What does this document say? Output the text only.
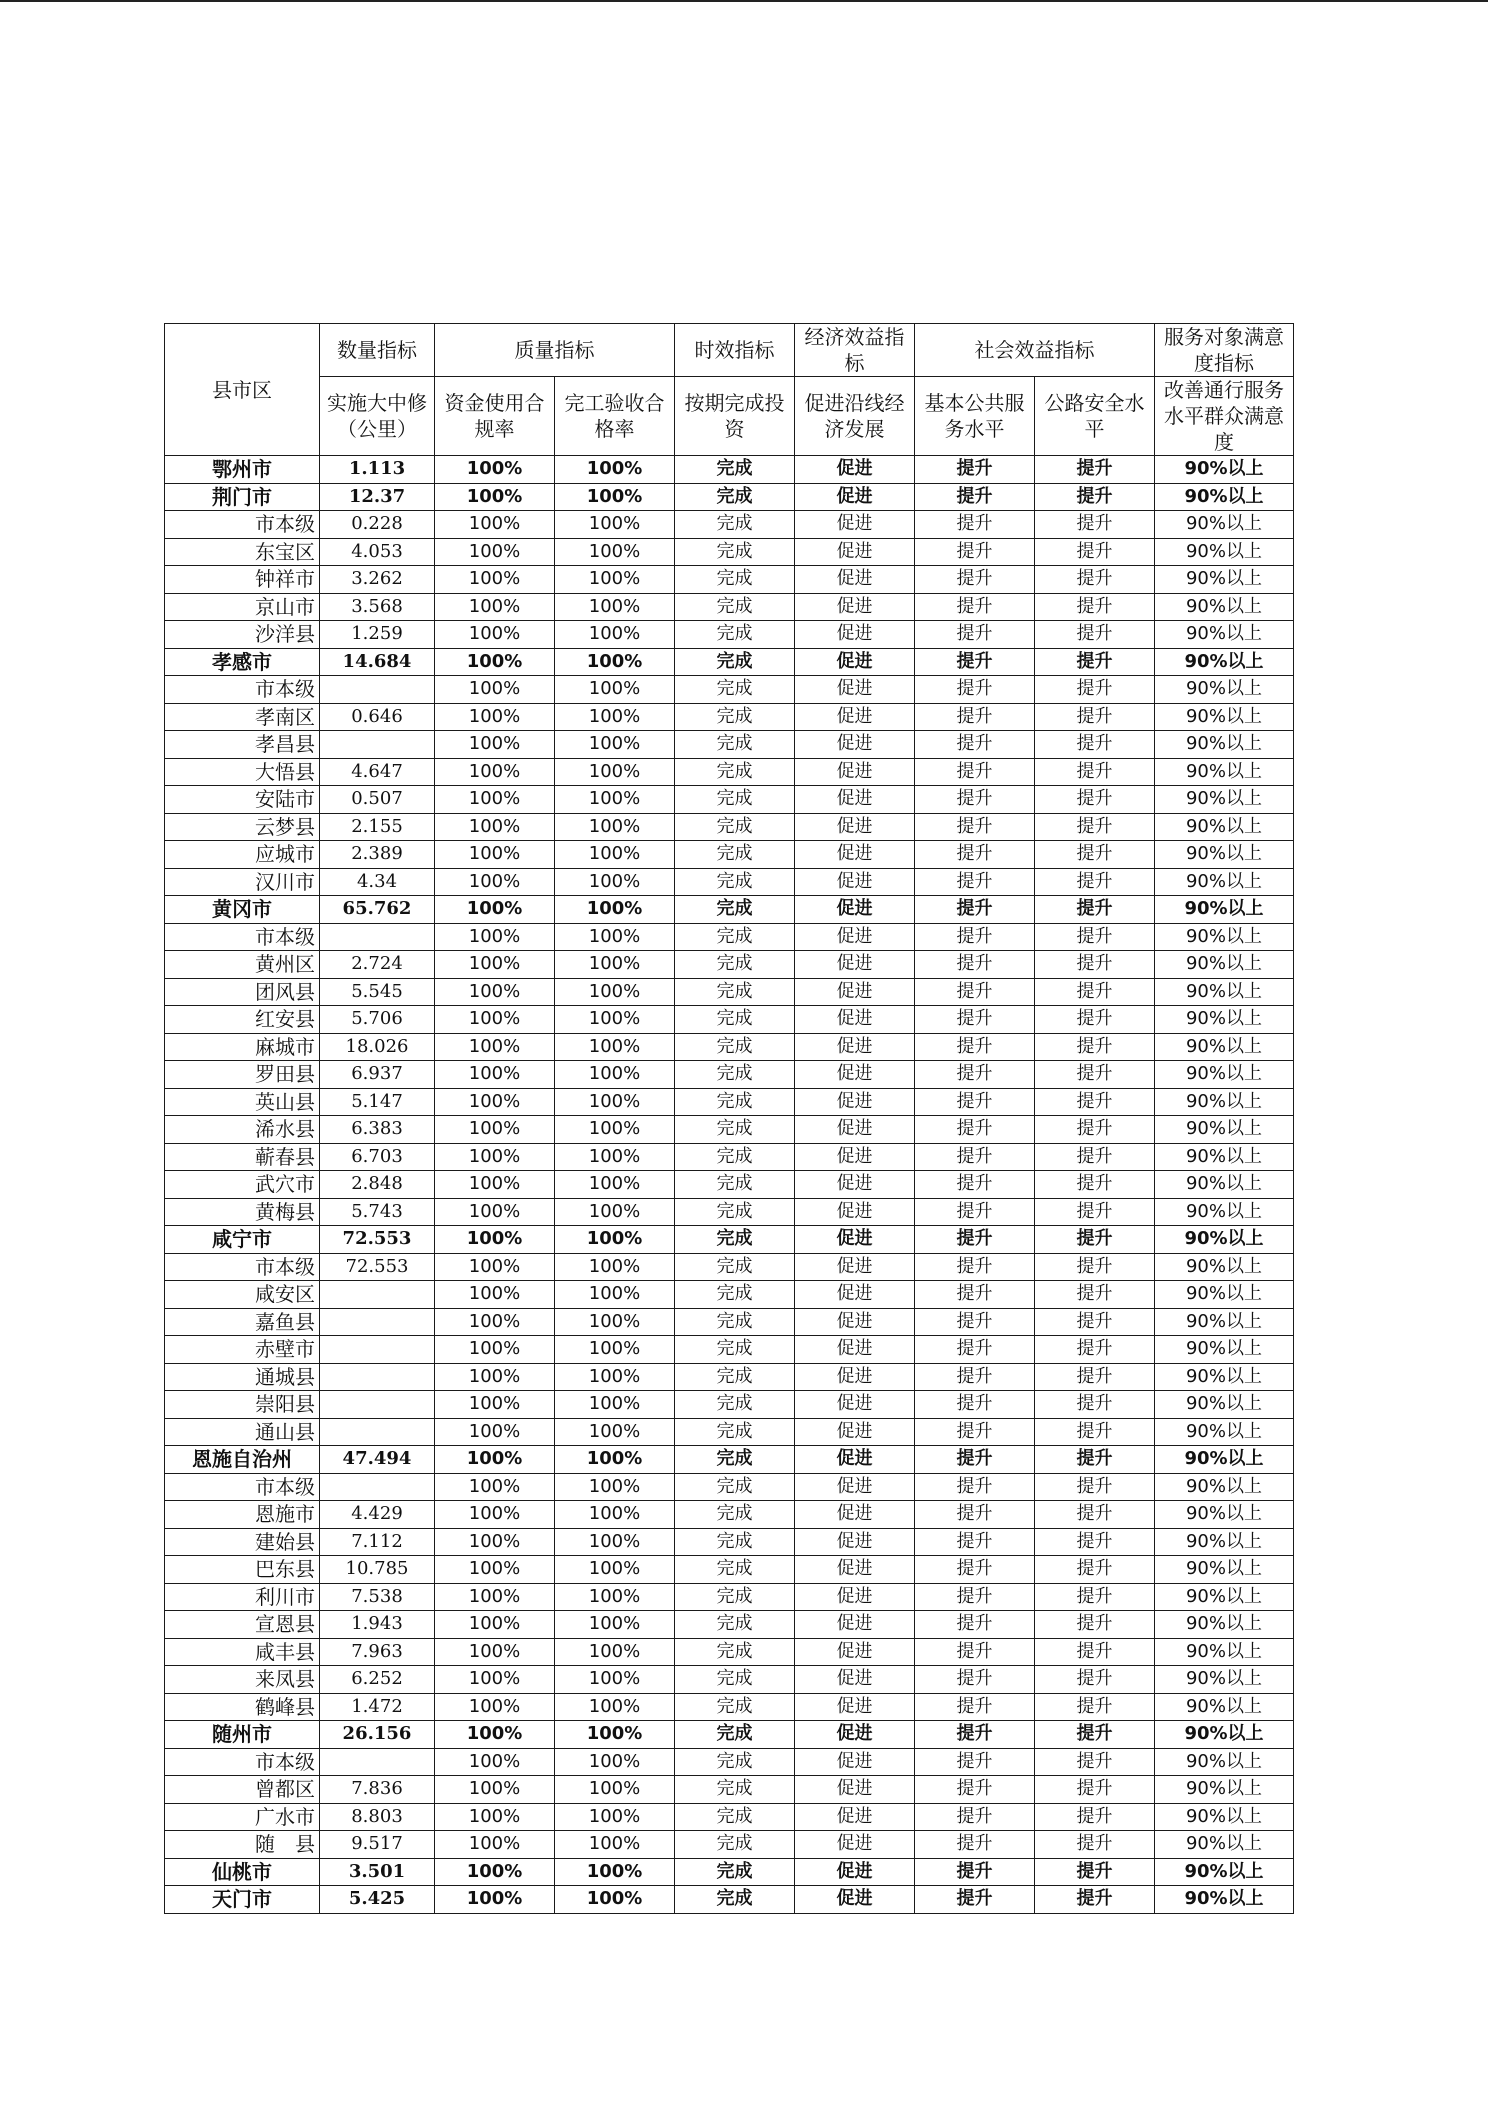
县市区	数量指标	质量指标		时效指标	经济效益指标	社会效益指标		服务对象满意度指标
	实施大中修（公里）	资金使用合规率	完工验收合格率	按期完成投资	促进沿线经济发展	基本公共服务水平	公路安全水平	改善通行服务水平群众满意度
鄂州市	1.113	100%	100%	完成	促进	提升	提升	90%以上
荆门市	12.37	100%	100%	完成	促进	提升	提升	90%以上
市本级	0.228	100%	100%	完成	促进	提升	提升	90%以上
东宝区	4.053	100%	100%	完成	促进	提升	提升	90%以上
钟祥市	3.262	100%	100%	完成	促进	提升	提升	90%以上
京山市	3.568	100%	100%	完成	促进	提升	提升	90%以上
沙洋县	1.259	100%	100%	完成	促进	提升	提升	90%以上
孝感市	14.684	100%	100%	完成	促进	提升	提升	90%以上
市本级		100%	100%	完成	促进	提升	提升	90%以上
孝南区	0.646	100%	100%	完成	促进	提升	提升	90%以上
孝昌县		100%	100%	完成	促进	提升	提升	90%以上
大悟县	4.647	100%	100%	完成	促进	提升	提升	90%以上
安陆市	0.507	100%	100%	完成	促进	提升	提升	90%以上
云梦县	2.155	100%	100%	完成	促进	提升	提升	90%以上
应城市	2.389	100%	100%	完成	促进	提升	提升	90%以上
汉川市	4.34	100%	100%	完成	促进	提升	提升	90%以上
黄冈市	65.762	100%	100%	完成	促进	提升	提升	90%以上
市本级		100%	100%	完成	促进	提升	提升	90%以上
黄州区	2.724	100%	100%	完成	促进	提升	提升	90%以上
团风县	5.545	100%	100%	完成	促进	提升	提升	90%以上
红安县	5.706	100%	100%	完成	促进	提升	提升	90%以上
麻城市	18.026	100%	100%	完成	促进	提升	提升	90%以上
罗田县	6.937	100%	100%	完成	促进	提升	提升	90%以上
英山县	5.147	100%	100%	完成	促进	提升	提升	90%以上
浠水县	6.383	100%	100%	完成	促进	提升	提升	90%以上
蕲春县	6.703	100%	100%	完成	促进	提升	提升	90%以上
武穴市	2.848	100%	100%	完成	促进	提升	提升	90%以上
黄梅县	5.743	100%	100%	完成	促进	提升	提升	90%以上
咸宁市	72.553	100%	100%	完成	促进	提升	提升	90%以上
市本级	72.553	100%	100%	完成	促进	提升	提升	90%以上
咸安区		100%	100%	完成	促进	提升	提升	90%以上
嘉鱼县		100%	100%	完成	促进	提升	提升	90%以上
赤壁市		100%	100%	完成	促进	提升	提升	90%以上
通城县		100%	100%	完成	促进	提升	提升	90%以上
崇阳县		100%	100%	完成	促进	提升	提升	90%以上
通山县		100%	100%	完成	促进	提升	提升	90%以上
恩施自治州	47.494	100%	100%	完成	促进	提升	提升	90%以上
市本级		100%	100%	完成	促进	提升	提升	90%以上
恩施市	4.429	100%	100%	完成	促进	提升	提升	90%以上
建始县	7.112	100%	100%	完成	促进	提升	提升	90%以上
巴东县	10.785	100%	100%	完成	促进	提升	提升	90%以上
利川市	7.538	100%	100%	完成	促进	提升	提升	90%以上
宣恩县	1.943	100%	100%	完成	促进	提升	提升	90%以上
咸丰县	7.963	100%	100%	完成	促进	提升	提升	90%以上
来凤县	6.252	100%	100%	完成	促进	提升	提升	90%以上
鹤峰县	1.472	100%	100%	完成	促进	提升	提升	90%以上
随州市	26.156	100%	100%	完成	促进	提升	提升	90%以上
市本级		100%	100%	完成	促进	提升	提升	90%以上
曾都区	7.836	100%	100%	完成	促进	提升	提升	90%以上
广水市	8.803	100%	100%	完成	促进	提升	提升	90%以上
随　县	9.517	100%	100%	完成	促进	提升	提升	90%以上
仙桃市	3.501	100%	100%	完成	促进	提升	提升	90%以上
天门市	5.425	100%	100%	完成	促进	提升	提升	90%以上
